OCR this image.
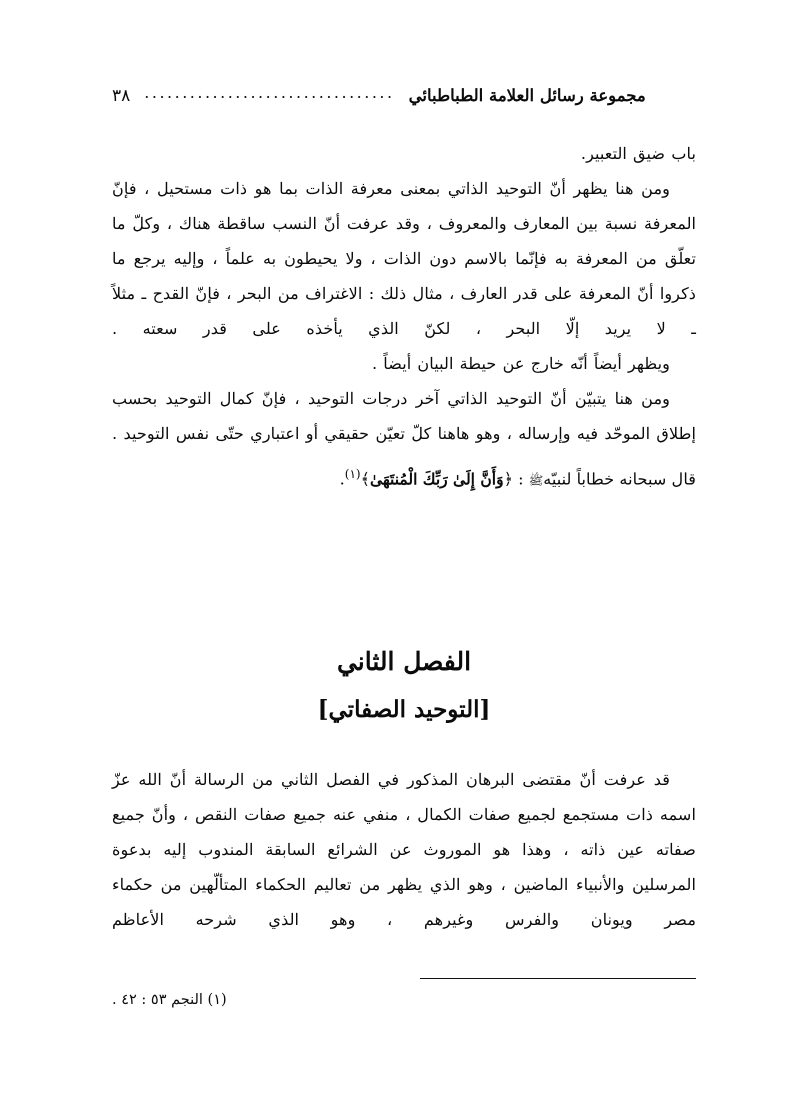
٣٨ ................................. مجموعة رسائل العلامة الطباطبائي

باب ضيق التعبير.

ومن هنا يظهر أنّ التوحيد الذاتي بمعنى معرفة الذات بما هو ذات مستحيل ، فإنّ المعرفة نسبة بين المعارف والمعروف ، وقد عرفت أنّ النسب ساقطة هناك ، وكلّ ما تعلّق من المعرفة به فإنّما بالاسم دون الذات ، ولا يحيطون به علماً ، وإليه يرجع ما ذكروا أنّ المعرفة على قدر العارف ، مثال ذلك : الاغتراف من البحر ، فإنّ القدح ـ مثلاً ـ لا يريد إلّا البحر ، لكنّ الذي يأخذه على قدر سعته .

ويظهر أيضاً أنّه خارج عن حيطة البيان أيضاً .

ومن هنا يتبيّن أنّ التوحيد الذاتي آخر درجات التوحيد ، فإنّ كمال التوحيد بحسب إطلاق الموحّد فيه وإرساله ، وهو هاهنا كلّ تعيّن حقيقي أو اعتباري حتّى نفس التوحيد .

قال سبحانه خطاباً لنبيّهﷺ : ﴿وَأَنَّ إِلَىٰ رَبِّكَ الْمُنتَهَىٰ﴾$^{(١)}$.
الفصل الثاني
[التوحيد الصفاتي]

قد عرفت أنّ مقتضى البرهان المذكور في الفصل الثاني من الرسالة أنّ الله عزّ اسمه ذات مستجمع لجميع صفات الكمال ، منفي عنه جميع صفات النقص ، وأنّ جميع صفاته عين ذاته ، وهذا هو الموروث عن الشرائع السابقة المندوب إليه بدعوة المرسلين والأنبياء الماضين ، وهو الذي يظهر من تعاليم الحكماء المتألّهين من حكماء مصر ويونان والفرس وغيرهم ، وهو الذي شرحه الأعاظم

(١) النجم ٥٣ : ٤٢ .
